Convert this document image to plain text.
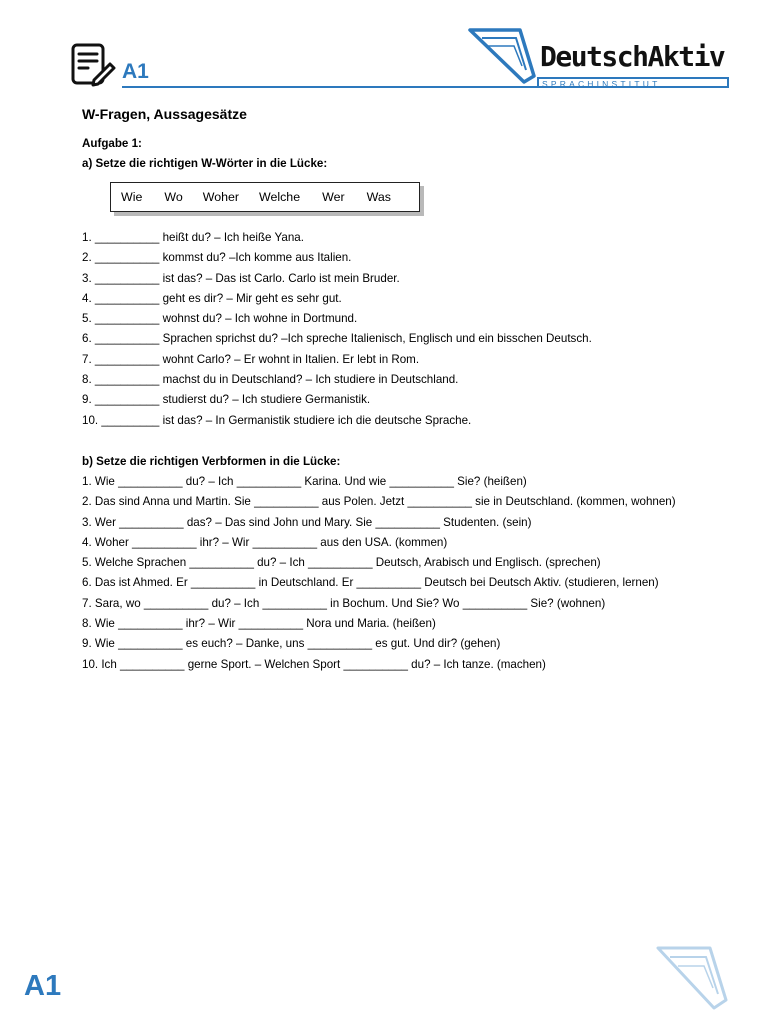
A1	DeutschAktiv
SPRACHINSTITUT
W-Fragen, Aussagesätze
Aufgabe 1:
a) Setze die richtigen W-Wörter in die Lücke:
Wie Wo Woher Welche Wer Was
1. __________ heißt du? – Ich heiße Yana.
2. __________ kommst du? –Ich komme aus Italien.
3. __________ ist das? – Das ist Carlo. Carlo ist mein Bruder.
4. __________ geht es dir? – Mir geht es sehr gut.
5. __________ wohnst du? – Ich wohne in Dortmund.
6. __________ Sprachen sprichst du? –Ich spreche Italienisch, Englisch und ein bisschen Deutsch.
7. __________ wohnt Carlo? – Er wohnt in Italien. Er lebt in Rom.
8. __________ machst du in Deutschland? – Ich studiere in Deutschland.
9. __________ studierst du? – Ich studiere Germanistik.
10. _________ ist das? – In Germanistik studiere ich die deutsche Sprache.
b) Setze die richtigen Verbformen in die Lücke:
1. Wie __________ du? – Ich __________ Karina. Und wie __________ Sie? (heißen)
2. Das sind Anna und Martin. Sie __________ aus Polen. Jetzt __________ sie in Deutschland. (kommen, wohnen)
3. Wer __________ das? – Das sind John und Mary. Sie __________ Studenten. (sein)
4. Woher __________ ihr? – Wir __________ aus den USA. (kommen)
5. Welche Sprachen __________ du? – Ich __________ Deutsch, Arabisch und Englisch. (sprechen)
6. Das ist Ahmed. Er __________ in Deutschland. Er __________ Deutsch bei Deutsch Aktiv. (studieren, lernen)
7. Sara, wo __________ du? – Ich __________ in Bochum. Und Sie? Wo __________ Sie? (wohnen)
8. Wie __________ ihr? – Wir __________ Nora und Maria. (heißen)
9. Wie __________ es euch? – Danke, uns __________ es gut. Und dir? (gehen)
10. Ich __________ gerne Sport. – Welchen Sport __________ du? – Ich tanze. (machen)
A1
